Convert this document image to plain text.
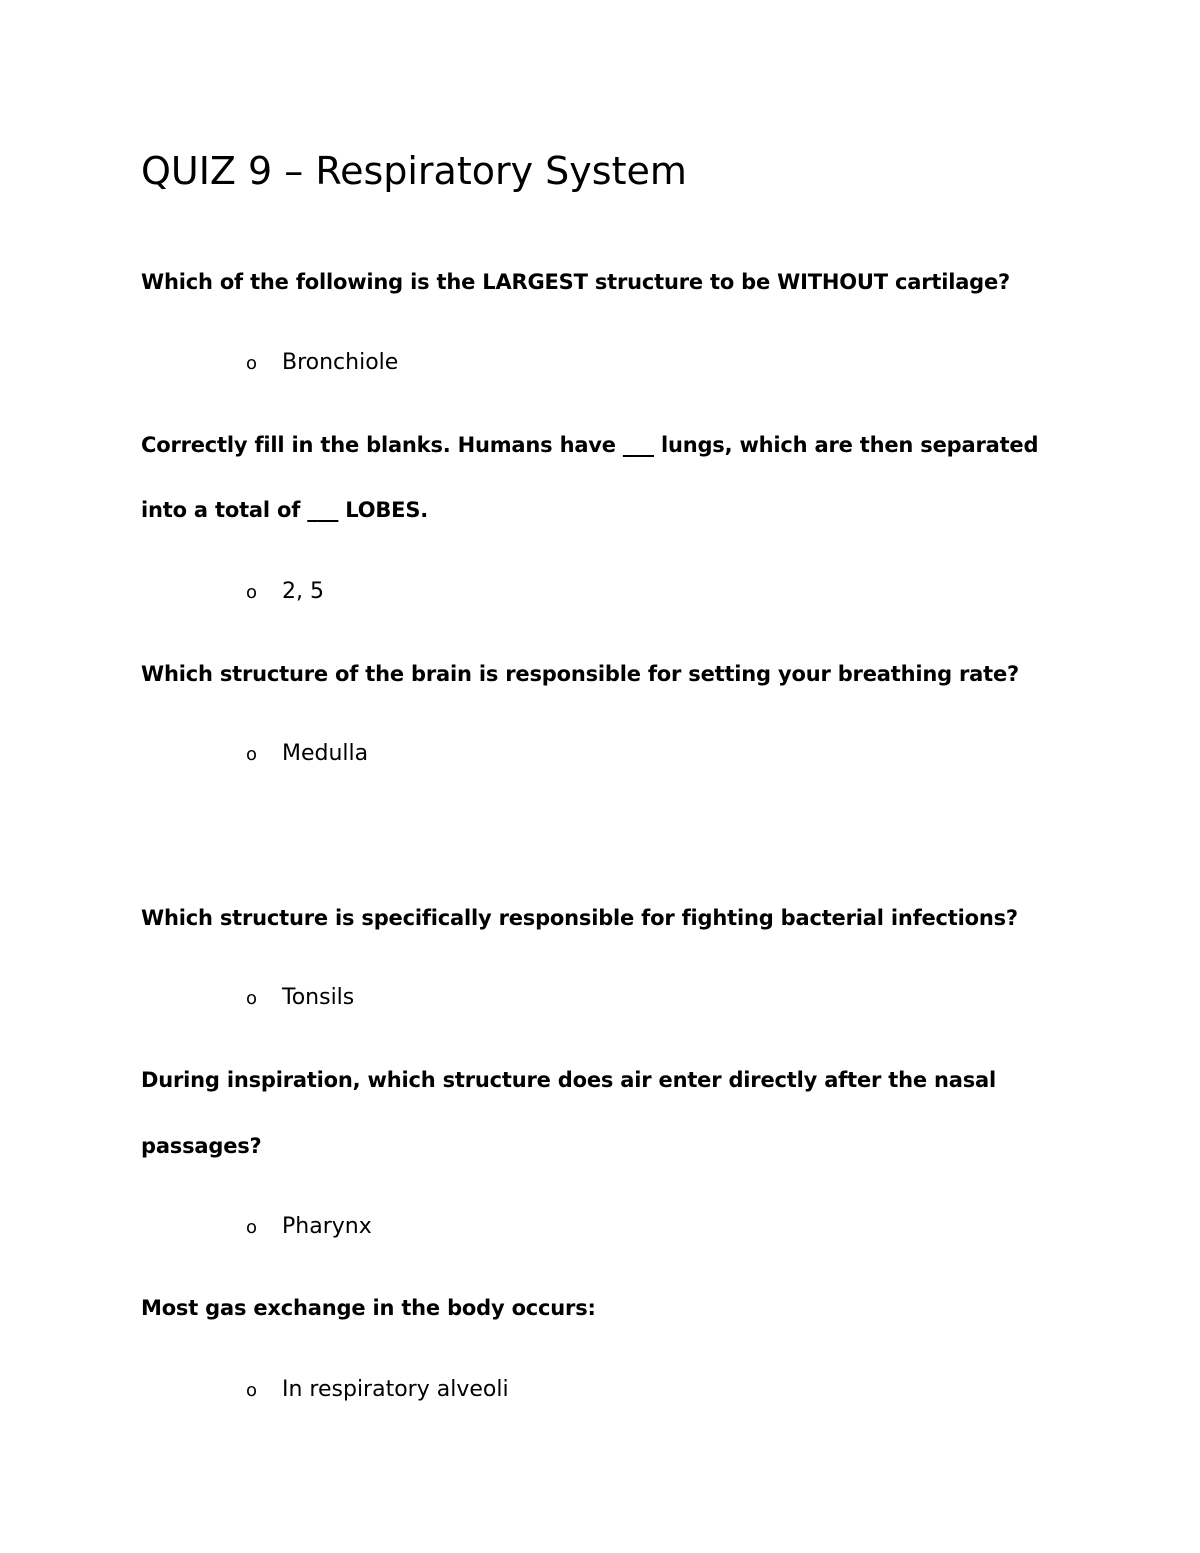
QUIZ 9 – Respiratory System
Which of the following is the LARGEST structure to be WITHOUT cartilage?
o Bronchiole
Correctly fill in the blanks. Humans have ___ lungs, which are then separated
into a total of ___ LOBES.
o 2, 5
Which structure of the brain is responsible for setting your breathing rate?
o Medulla
Which structure is specifically responsible for fighting bacterial infections?
o Tonsils
During inspiration, which structure does air enter directly after the nasal
passages?
o Pharynx
Most gas exchange in the body occurs:
o In respiratory alveoli
